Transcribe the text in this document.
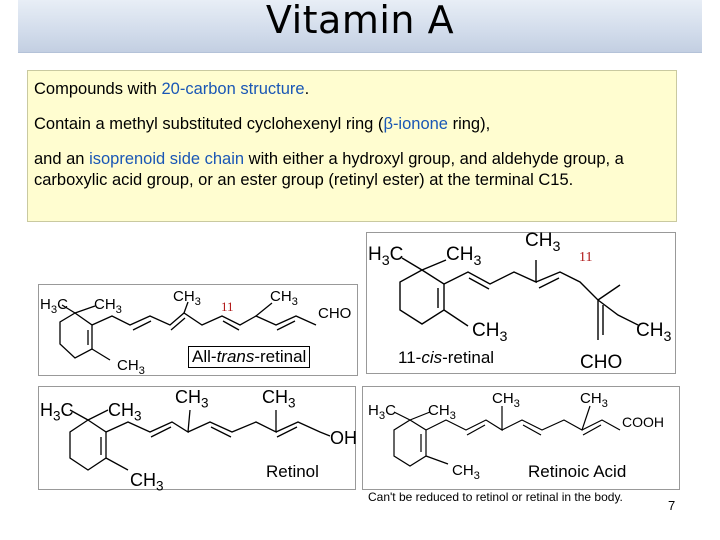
Vitamin A

Compounds with 20-carbon structure.

Contain a methyl substituted cyclohexenyl ring (β-ionone ring),

and an isoprenoid side chain with either a hydroxyl group, and aldehyde group, a carboxylic acid group, or an ester group (retinyl ester) at the terminal C15.

$H_3C$ $CH_3$
$CH_3$
$CH_3$ 11
$CH_3$
CHO
All-trans-retinal
$H_3C$ $CH_3$
$CH_3$
11
$CH_3$	$CH_3$
CHO
11-cis-retinal
$H_3C$ $CH_3$
$CH_3$	$CH_3$
$CH_3$
OH
Retinol
$H_3C$ $CH_3$
$CH_3$	$CH_3$
$CH_3$
COOH
Retinoic Acid
Can't be reduced to retinol or retinal in the body.
7
